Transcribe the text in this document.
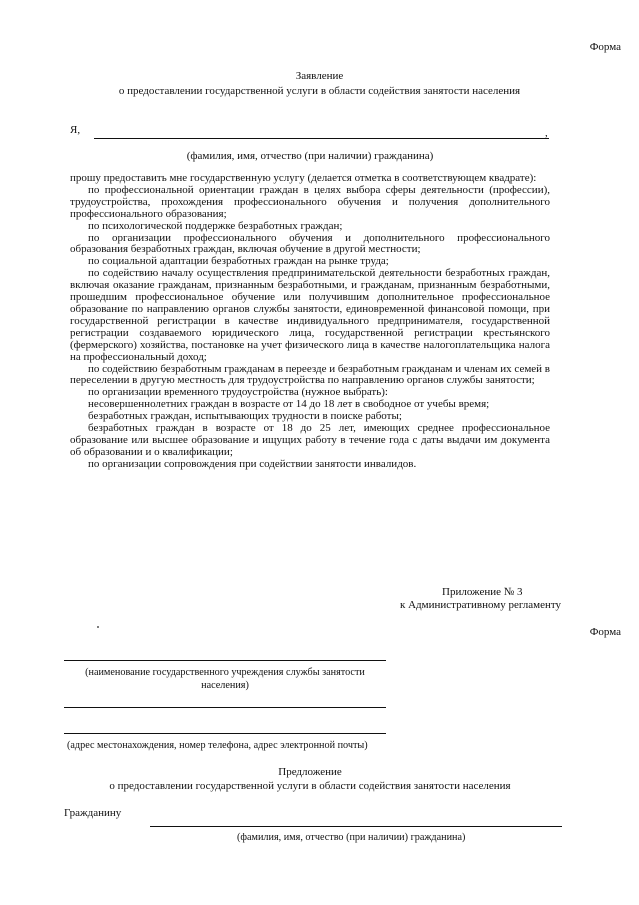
Форма
Заявление
о предоставлении государственной услуги в области содействия занятости населения
Я,	,
(фамилия, имя, отчество (при наличии) гражданина)
прошу предоставить мне государственную услугу (делается отметка в соответствующем квадрате):
по профессиональной ориентации граждан в целях выбора сферы деятельности (профессии), трудоустройства, прохождения профессионального обучения и получения дополнительного профессионального образования;
по психологической поддержке безработных граждан;
по организации профессионального обучения и дополнительного профессионального образования безработных граждан, включая обучение в другой местности;
по социальной адаптации безработных граждан на рынке труда;
по содействию началу осуществления предпринимательской деятельности безработных граждан, включая оказание гражданам, признанным безработными, и гражданам, признанным безработными, прошедшим профессиональное обучение или получившим дополнительное профессиональное образование по направлению органов службы занятости, единовременной финансовой помощи, при государственной регистрации в качестве индивидуального предпринимателя, государственной регистрации создаваемого юридического лица, государственной регистрации крестьянского (фермерского) хозяйства, постановке на учет физического лица в качестве налогоплательщика налога на профессиональный доход;
по содействию безработным гражданам в переезде и безработным гражданам и членам их семей в переселении в другую местность для трудоустройства по направлению органов службы занятости;
по организации временного трудоустройства (нужное выбрать):
несовершеннолетних граждан в возрасте от 14 до 18 лет в свободное от учебы время;
безработных граждан, испытывающих трудности в поиске работы;
безработных граждан в возрасте от 18 до 25 лет, имеющих среднее профессиональное образование или высшее образование и ищущих работу в течение года с даты выдачи им документа об образовании и о квалификации;
по организации сопровождения при содействии занятости инвалидов.
Приложение № 3
к Административному регламенту
Форма
(наименование государственного учреждения службы занятости
населения)
(адрес местонахождения, номер телефона, адрес электронной почты)
Предложение
о предоставлении государственной услуги в области содействия занятости населения
Гражданину
(фамилия, имя, отчество (при наличии) гражданина)
